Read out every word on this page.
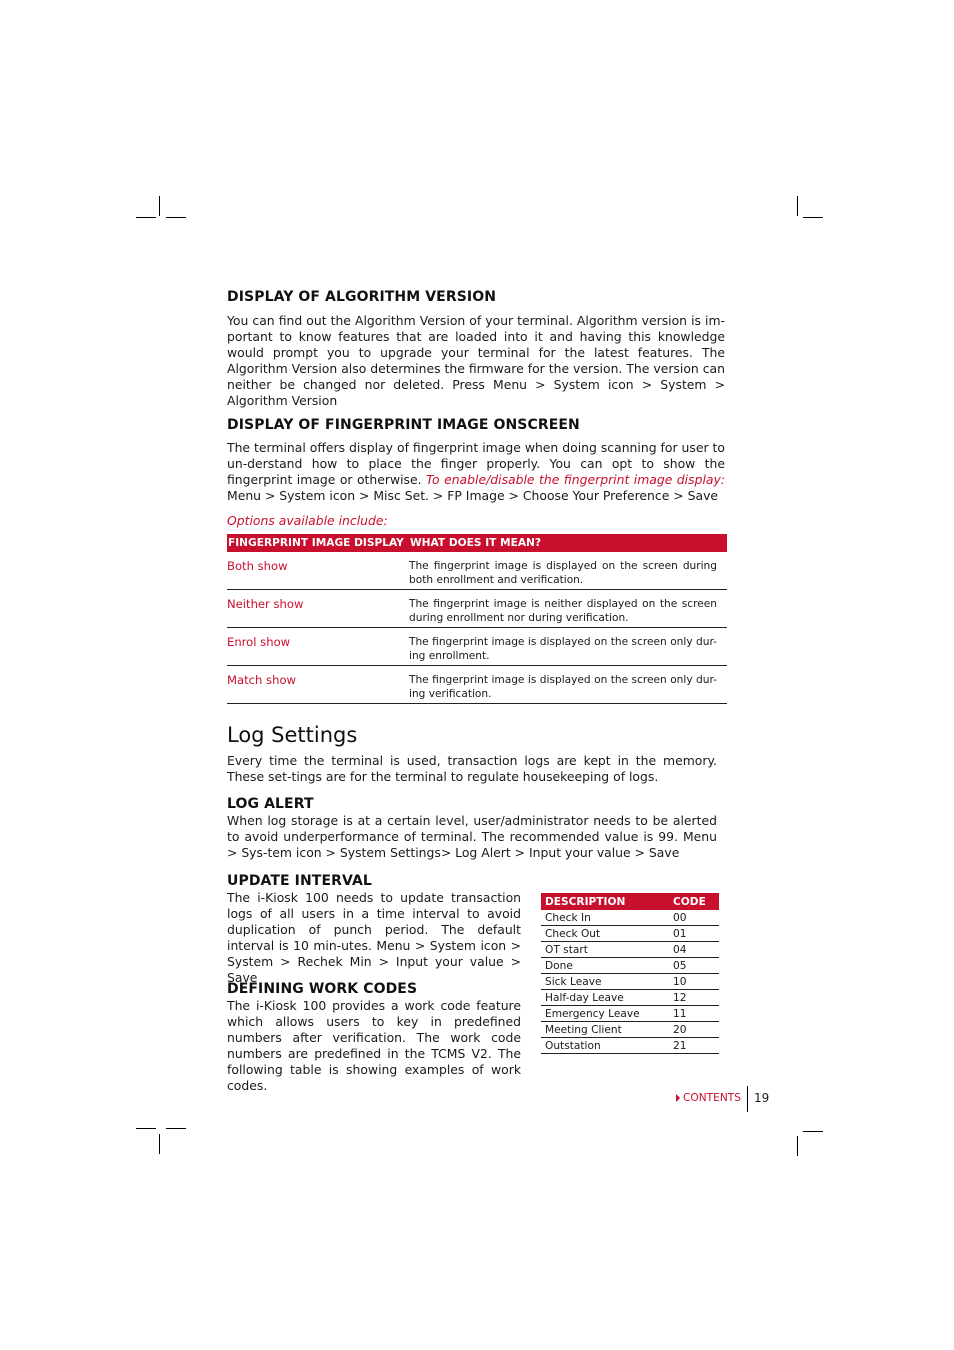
DISPLAY OF ALGORITHM VERSION

You can find out the Algorithm Version of your terminal. Algorithm version is im-portant to know features that are loaded into it and having this knowledge would prompt you to upgrade your terminal for the latest features. The Algorithm Version also determines the firmware for the version. The version can neither be changed nor deleted. Press Menu > System icon > System > Algorithm Version

DISPLAY OF FINGERPRINT IMAGE ONSCREEN

The terminal offers display of fingerprint image when doing scanning for user to un-derstand how to place the finger properly. You can opt to show the fingerprint image or otherwise. To enable/disable the fingerprint image display: Menu > System icon > Misc Set. > FP Image > Choose Your Preference > Save

Options available include:
FINGERPRINT IMAGE DISPLAY WHAT DOES IT MEAN?
Both show	The fingerprint image is displayed on the screen during both enrollment and verification.
Neither show	The fingerprint image is neither displayed on the screen during enrollment nor during verification.
Enrol show	The fingerprint image is displayed on the screen only dur-ing enrollment.
Match show	The fingerprint image is displayed on the screen only dur-ing verification.
Log Settings

Every time the terminal is used, transaction logs are kept in the memory. These set-tings are for the terminal to regulate housekeeping of logs.

LOG ALERT

When log storage is at a certain level, user/administrator needs to be alerted to avoid underperformance of terminal. The recommended value is 99. Menu > Sys-tem icon > System Settings> Log Alert > Input your value > Save

UPDATE INTERVAL

The i-Kiosk 100 needs to update transaction logs of all users in a time interval to avoid duplication of punch period. The default interval is 10 min-utes. Menu > System icon > System > Rechek Min > Input your value > Save

DEFINING WORK CODES

The i-Kiosk 100 provides a work code feature which allows users to key in predefined numbers after verification. The work code numbers are predefined in the TCMS V2. The following table is showing examples of work codes.

DESCRIPTION	CODE
Check In	00
Check Out	01
OT start	04
Done	05
Sick Leave	10
Half-day Leave	12
Emergency Leave	11
Meeting Client	20
Outstation	21
CONTENTS 19
